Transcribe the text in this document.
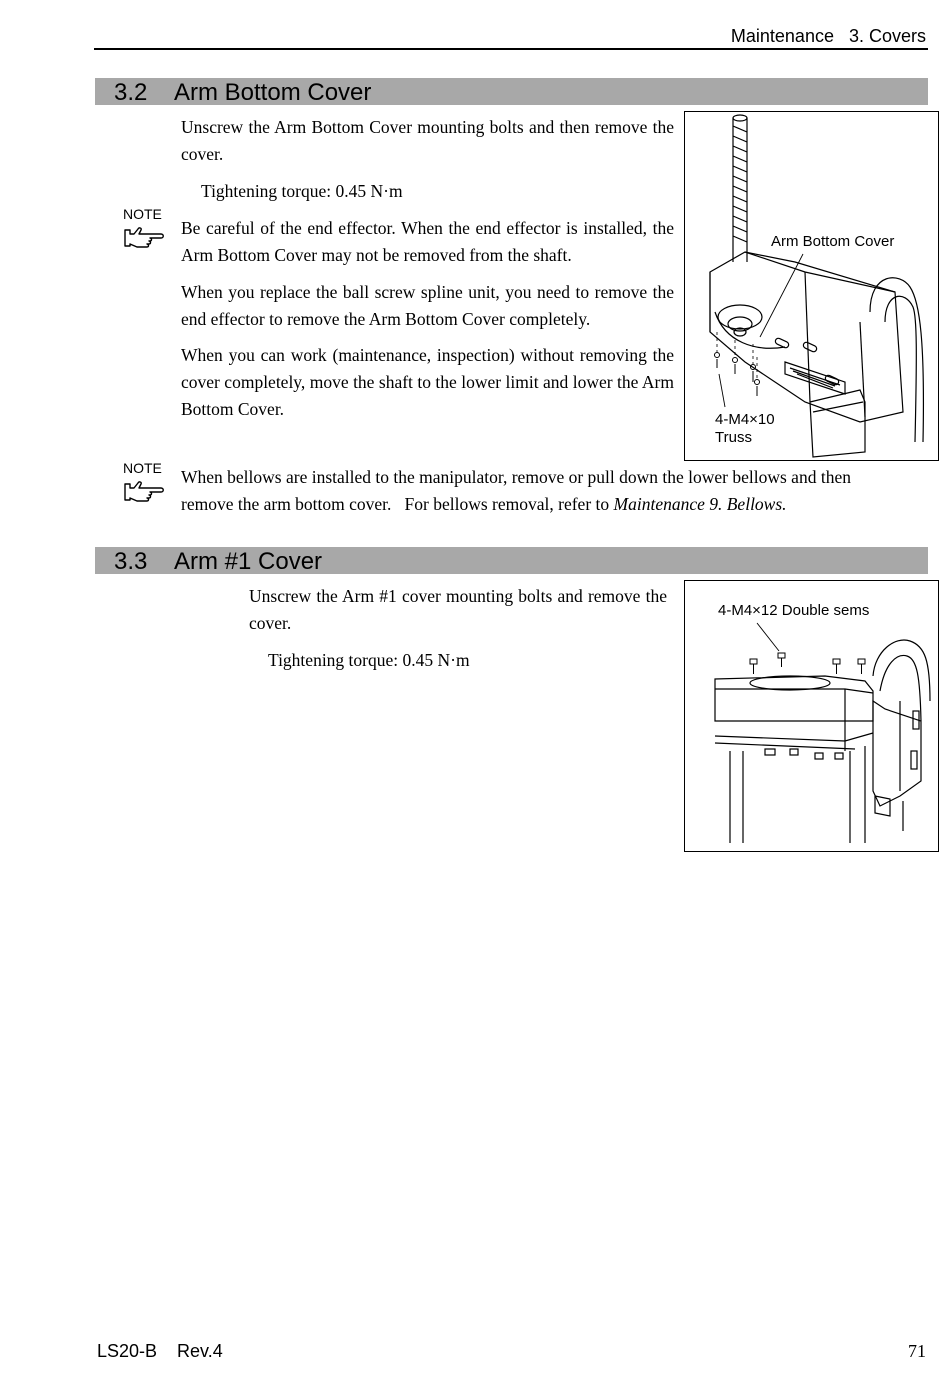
Maintenance   3. Covers
3.2 Arm Bottom Cover
Unscrew the Arm Bottom Cover mounting bolts and then remove the cover.
Tightening torque: 0.45 N·m
NOTE
Be careful of the end effector. When the end effector is installed, the Arm Bottom Cover may not be removed from the shaft.
When you replace the ball screw spline unit, you need to remove the end effector to remove the Arm Bottom Cover completely.
When you can work (maintenance, inspection) without removing the cover completely, move the shaft to the lower limit and lower the Arm Bottom Cover.
Arm Bottom Cover
4-M4×10
Truss
NOTE When bellows are installed to the manipulator, remove or pull down the lower bellows and then remove the arm bottom cover.   For bellows removal, refer to Maintenance 9. Bellows.
3.3 Arm #1 Cover
Unscrew the Arm #1 cover mounting bolts and remove the cover.
Tightening torque: 0.45 N·m
4-M4×12 Double sems
LS20-B    Rev.4	71
